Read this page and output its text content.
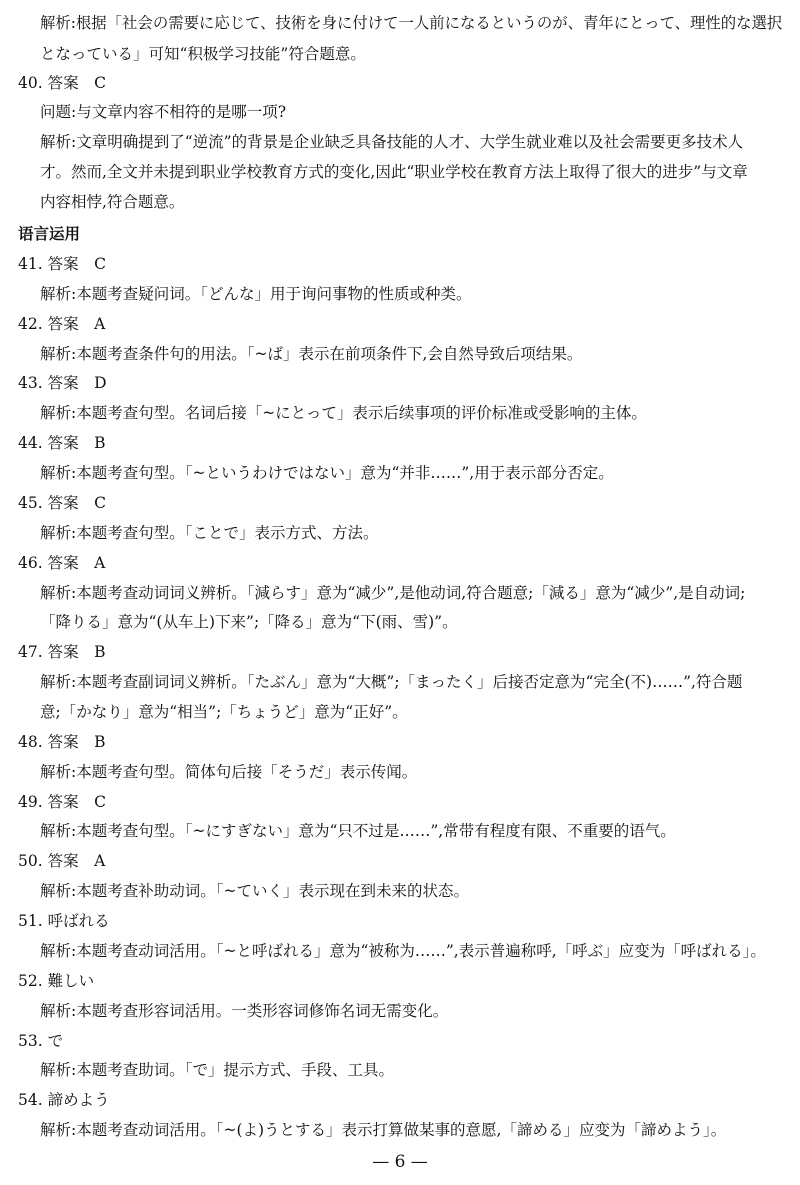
解析:根据「社会の需要に応じて、技術を身に付けて一人前になるというのが、青年にとって、理性的な選択
となっている」可知“积极学习技能”符合题意。
40. 答案　C
问题:与文章内容不相符的是哪一项?
解析:文章明确提到了“逆流”的背景是企业缺乏具备技能的人才、大学生就业难以及社会需要更多技术人
才。然而,全文并未提到职业学校教育方式的变化,因此“职业学校在教育方法上取得了很大的进步”与文章
内容相悖,符合题意。
语言运用
41. 答案　C
解析:本题考查疑问词。「どんな」用于询问事物的性质或种类。
42. 答案　A
解析:本题考查条件句的用法。「~ば」表示在前项条件下,会自然导致后项结果。
43. 答案　D
解析:本题考查句型。名词后接「~にとって」表示后续事项的评价标准或受影响的主体。
44. 答案　B
解析:本题考查句型。「~というわけではない」意为“并非……”,用于表示部分否定。
45. 答案　C
解析:本题考查句型。「ことで」表示方式、方法。
46. 答案　A
解析:本题考查动词词义辨析。「減らす」意为“减少”,是他动词,符合题意;「減る」意为“减少”,是自动词;
「降りる」意为“(从车上)下来”;「降る」意为“下(雨、雪)”。
47. 答案　B
解析:本题考查副词词义辨析。「たぶん」意为“大概”;「まったく」后接否定意为“完全(不)……”,符合题
意;「かなり」意为“相当”;「ちょうど」意为“正好”。
48. 答案　B
解析:本题考查句型。简体句后接「そうだ」表示传闻。
49. 答案　C
解析:本题考查句型。「~にすぎない」意为“只不过是……”,常带有程度有限、不重要的语气。
50. 答案　A
解析:本题考查补助动词。「~ていく」表示现在到未来的状态。
51. 呼ばれる
解析:本题考查动词活用。「~と呼ばれる」意为“被称为……”,表示普遍称呼,「呼ぶ」应变为「呼ばれる」。
52. 難しい
解析:本题考查形容词活用。一类形容词修饰名词无需变化。
53. で
解析:本题考查助词。「で」提示方式、手段、工具。
54. 諦めよう
解析:本题考查动词活用。「~(よ)うとする」表示打算做某事的意愿,「諦める」应变为「諦めよう」。
— 6 —
